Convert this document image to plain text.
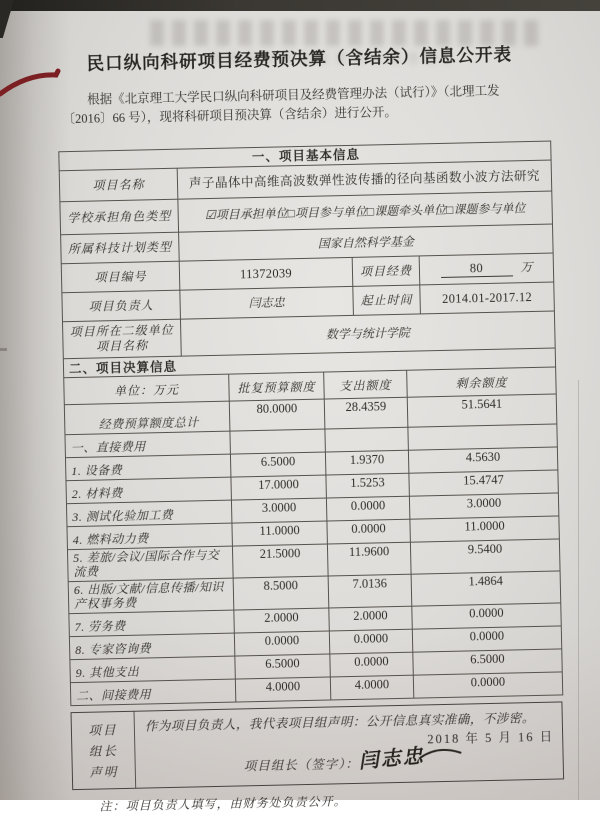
民口纵向科研项目经费预决算（含结余）信息公开表
根据《北京理工大学民口纵向科研项目及经费管理办法（试行）》（北理工发
〔2016〕66 号），现将科研项目预决算（含结余）进行公开。
一、项目基本信息			
项目名称	声子晶体中高维高波数弹性波传播的径向基函数小波方法研究		
学校承担角色类型	☑项目承担单位□项目参与单位□课题牵头单位□课题参与单位		
所属科技计划类型	国家自然科学基金		
项目编号	11372039	项目经费	80 万
项目负责人	闫志忠	起止时间	2014.01-2017.12

项目所在二级单位
项目名称	数学与统计学院		
二、项目决算信息			
单位：万元	批复预算额度	支出额度	剩余额度
经费预算额度总计	80.0000	28.4359	51.5641
一、直接费用			
1. 设备费	6.5000	1.9370	4.5630
2. 材料费	17.0000	1.5253	15.4747
3. 测试化验加工费	3.0000	0.0000	3.0000
4. 燃料动力费	11.0000	0.0000	11.0000
5. 差旅/会议/国际合作与交流费	21.5000	11.9600	9.5400
6. 出版/文献/信息传播/知识产权事务费	8.5000	7.0136	1.4864
7. 劳务费	2.0000	2.0000	0.0000
8. 专家咨询费	0.0000	0.0000	0.0000
9. 其他支出	6.5000	0.0000	6.5000
二、间接费用	4.0000	4.0000	0.0000
项目
组长
声明
作为项目负责人，我代表项目组声明：公开信息真实准确，不涉密。
项目组长（签字）：闫志忠
2018 年 5 月 16 日
注：项目负责人填写，由财务处负责公开。
